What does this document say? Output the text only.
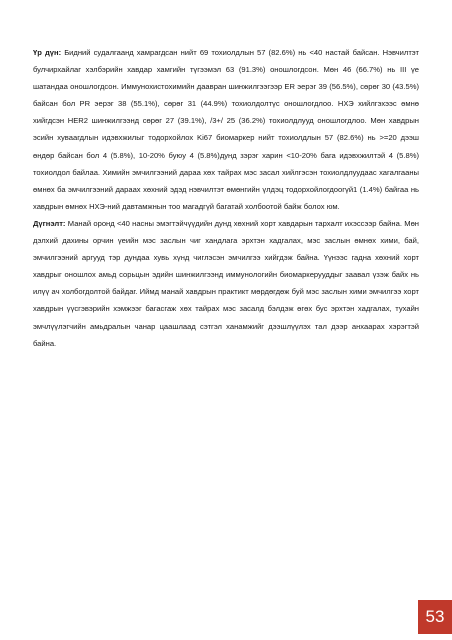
Үр дүн: Бидний судалгаанд хамрагдсан нийт 69 тохиолдлын 57 (82.6%) нь <40 настай байсан. Нэвчилтэт булчирхайлаг хэлбэрийн хавдар хамгийн түгээмэл 63 (91.3%) оношлогдсон. Мөн 46 (66.7%) нь III үе шатандаа оношлогдсон. Иммунохистохимийн даавран шинжилгээгээр ER эерэг 39 (56.5%), сөрөг 30 (43.5%) байсан бол PR эерэг 38 (55.1%), сөрөг 31 (44.9%) тохиолдолтүс оношлогдлоо. НХЭ хийлгэхээс өмнө хийгдсэн HER2 шинжилгээнд сөрөг 27 (39.1%), /3+/ 25 (36.2%) тохиолдлууд оношлогдлоо. Мөн хавдрын эсийн хуваагдлын идэвхжилыг тодорхойлох Ki67 биомаркер нийт тохиолдлын 57 (82.6%) нь >=20 дээш өндөр байсан бол 4 (5.8%), 10-20% буюу 4 (5.8%)дунд зэрэг харин <10-20% бага идэвхжилтэй 4 (5.8%) тохиолдол байлаа. Химийн эмчилгээний дараа хөх тайрах мэс засал хийлгэсэн тохиолдлуудаас хагалгааны өмнөх ба эмчилгээний дараах хөхний эдэд нэвчилтэт өмөнгийн үлдэц тодорхойлогдоогүй1 (1.4%) байгаа нь хавдрын өмнөх НХЭ-ний давтамжнын тоо магадгүй багатай холбоотой байж болох юм.

Дүгнэлт: Манай оронд <40 насны эмэгтэйчүүдийн дунд хөхний хорт хавдарын тархалт ихэссээр байна. Мөн дэлхий дахины орчин үеийн мэс заслын чиг хандлага эрхтэн хадгалах, мэс заслын өмнөх хими, бай, эмчилгээний аргууд тэр дундаа хувь хүнд чиглэсэн эмчилгээ хийгдэж байна. Үүнээс гадна хөхний хорт хавдрыг оношлох амьд сорьцын эдийн шинжилгээнд иммунологийн биомаркерууддыг заавал үзэж байх нь илүү ач холбогдолтой байдаг. Иймд манай хавдрын практикт мөрдөгдөж буй мэс заслын хими эмчилгээ хорт хавдрын үүсгэвэрийн хэмжээг багасгаж хөх тайрах мэс засалд бэлдэж өгөх бус эрхтэн хадгалах, тухайн эмчлүүлэгчийн амьдралын чанар цаашлаад сэтгэл ханамжийг дээшлүүлэх тал дээр анхаарах хэрэгтэй байна.

53
